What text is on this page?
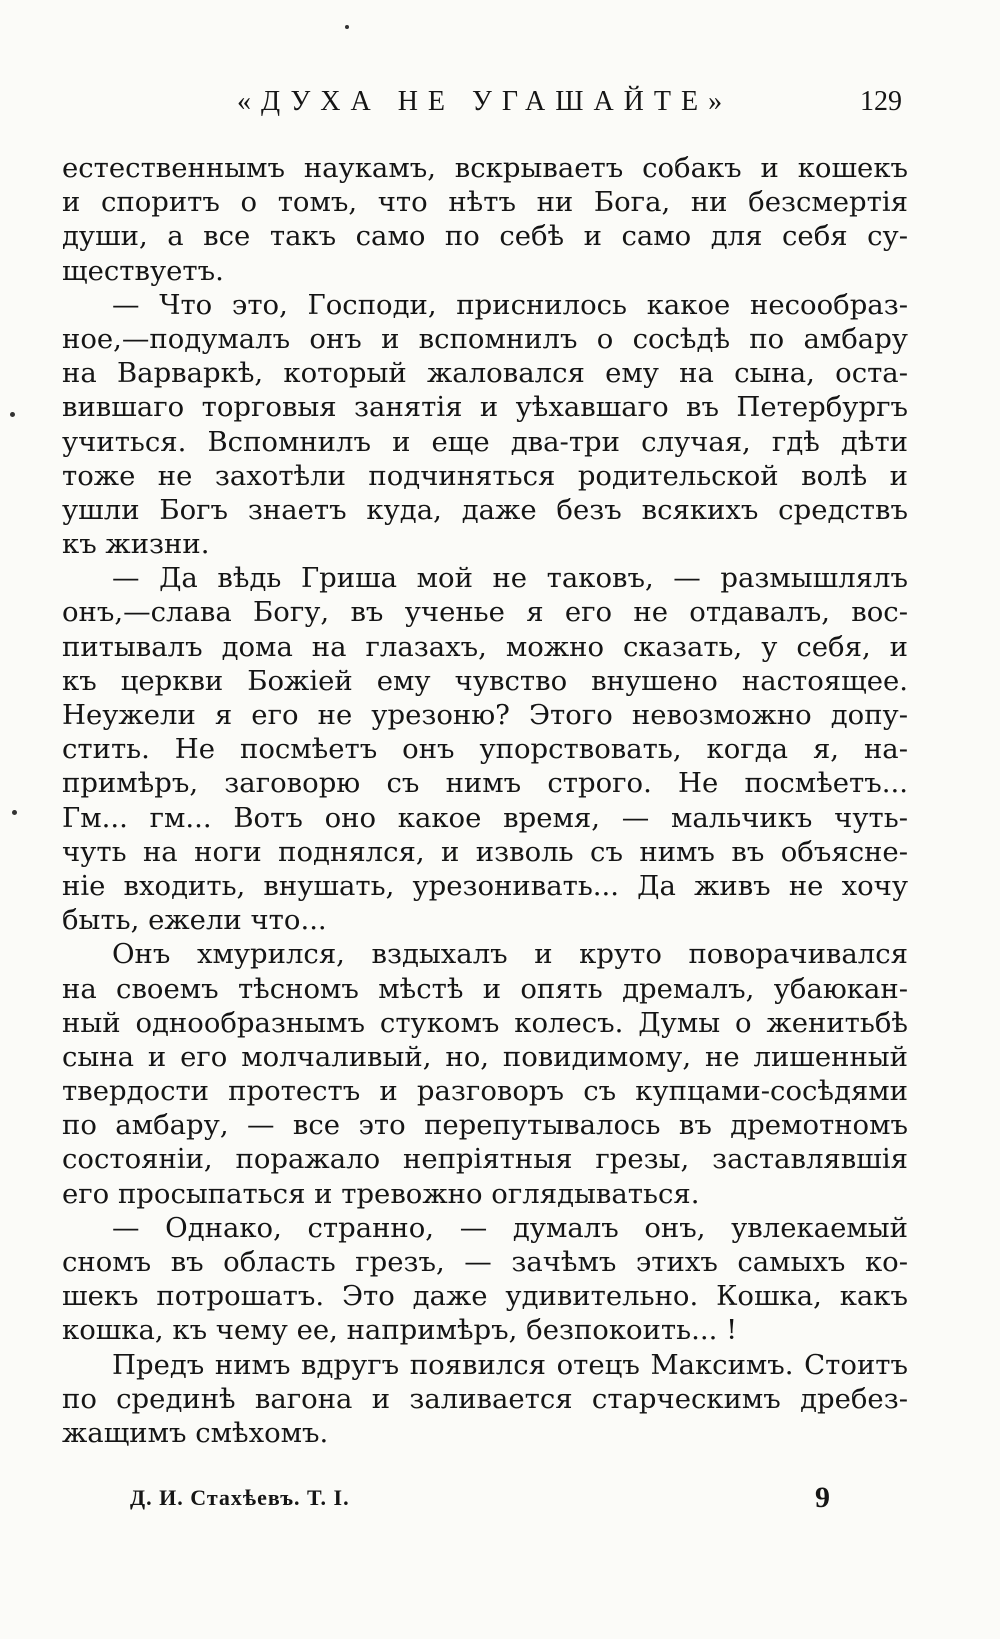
«ДУХА НЕ УГАШАЙТЕ»	129
естественнымъ наукамъ, вскрываетъ собакъ и кошекъ
и споритъ о томъ, что нѣтъ ни Бога, ни безсмертія
души, а все такъ само по себѣ и само для себя су-
ществуетъ.
— Что это, Господи, приснилось какое несообраз-
ное,—подумалъ онъ и вспомнилъ о сосѣдѣ по амбару
на Варваркѣ, который жаловался ему на сына, оста-
вившаго торговыя занятія и уѣхавшаго въ Петербургъ
учиться. Вспомнилъ и еще два-три случая, гдѣ дѣти
тоже не захотѣли подчиняться родительской волѣ и
ушли Богъ знаетъ куда, даже безъ всякихъ средствъ
къ жизни.
— Да вѣдь Гриша мой не таковъ, — размышлялъ
онъ,—слава Богу, въ ученье я его не отдавалъ, вос-
питывалъ дома на глазахъ, можно сказать, у себя, и
къ церкви Божіей ему чувство внушено настоящее.
Неужели я его не урезоню? Этого невозможно допу-
стить. Не посмѣетъ онъ упорствовать, когда я, на-
примѣръ, заговорю съ нимъ строго. Не посмѣетъ...
Гм... гм... Вотъ оно какое время, — мальчикъ чуть-
чуть на ноги поднялся, и изволь съ нимъ въ объясне-
ніе входить, внушать, урезонивать... Да живъ не хочу
быть, ежели что...
Онъ хмурился, вздыхалъ и круто поворачивался
на своемъ тѣсномъ мѣстѣ и опять дремалъ, убаюкан-
ный однообразнымъ стукомъ колесъ. Думы о женитьбѣ
сына и его молчаливый, но, повидимому, не лишенный
твердости протестъ и разговоръ съ купцами-сосѣдями
по амбару, — все это перепутывалось въ дремотномъ
состояніи, поражало непріятныя грезы, заставлявшія
его просыпаться и тревожно оглядываться.
— Однако, странно, — думалъ онъ, увлекаемый
сномъ въ область грезъ, — зачѣмъ этихъ самыхъ ко-
шекъ потрошатъ. Это даже удивительно. Кошка, какъ
кошка, къ чему ее, напримѣръ, безпокоить... !
Предъ нимъ вдругъ появился отецъ Максимъ. Стоитъ
по срединѣ вагона и заливается старческимъ дребез-
жащимъ смѣхомъ.
Д. И. Стахѣевъ. Т. I.	9
